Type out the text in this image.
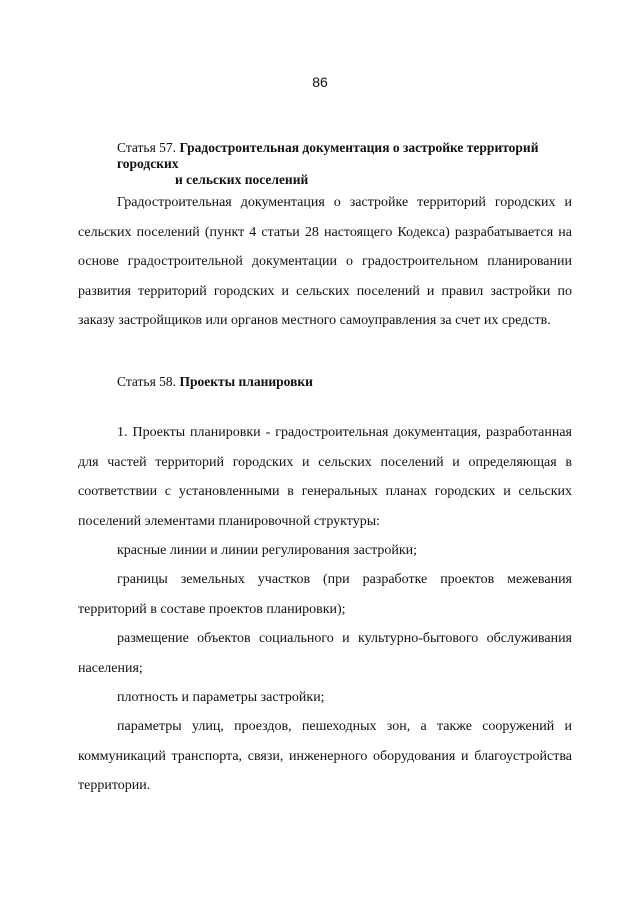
86
Статья 57. Градостроительная документация о застройке территорий городских
и сельских поселений

Градостроительная документация о застройке территорий городских и сельских поселений (пункт 4 статьи 28 настоящего Кодекса) разрабатывается на основе градостроительной документации о градостроительном планировании развития территорий городских и сельских поселений и правил застройки по заказу застройщиков или органов местного самоуправления за счет их средств.

Статья 58. Проекты планировки

1. Проекты планировки - градостроительная документация, разработанная для частей территорий городских и сельских поселений и определяющая в соответствии с установленными в генеральных планах городских и сельских поселений элементами планировочной структуры:

красные линии и линии регулирования застройки;

границы земельных участков (при разработке проектов межевания территорий в составе проектов планировки);

размещение объектов социального и культурно-бытового обслуживания населения;

плотность и параметры застройки;

параметры улиц, проездов, пешеходных зон, а также сооружений и коммуникаций транспорта, связи, инженерного оборудования и благоустройства территории.
